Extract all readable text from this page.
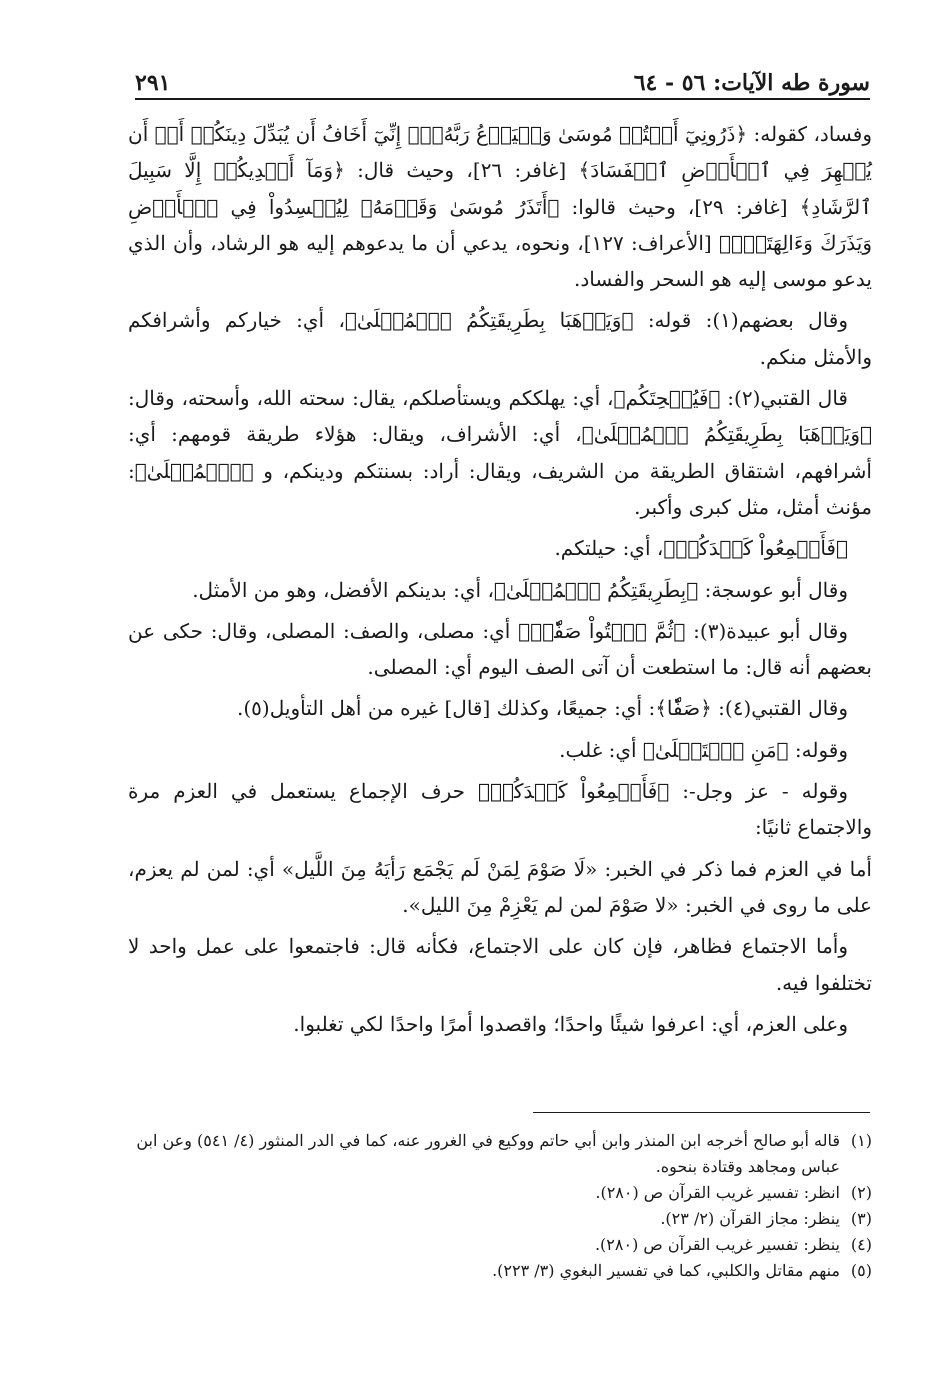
سورة طه الآيات: ٥٦ - ٦٤
٢٩١

وفساد، كقوله: ﴿ذَرُونِيٓ أَقۡتُلۡ مُوسَىٰ وَلۡيَدۡعُ رَبَّهُۥٓۖ إِنِّيٓ أَخَافُ أَن يُبَدِّلَ دِينَكُمۡ أَوۡ أَن يُظۡهِرَ فِي ٱلۡأَرۡضِ ٱلۡفَسَادَ﴾ [غافر: ٢٦]، وحيث قال: ﴿وَمَآ أَهۡدِيكُمۡ إِلَّا سَبِيلَ ٱلرَّشَادِ﴾ [غافر: ٢٩]، وحيث قالوا: ﴿أَتَذَرُ مُوسَىٰ وَقَوۡمَهُۥ لِيُفۡسِدُواْ فِي ٱلۡأَرۡضِ وَيَذَرَكَ وَءَالِهَتَكَۚ﴾ [الأعراف: ١٢٧]، ونحوه، يدعي أن ما يدعوهم إليه هو الرشاد، وأن الذي يدعو موسى إليه هو السحر والفساد.

وقال بعضهم(١): قوله: ﴿وَيَذۡهَبَا بِطَرِيقَتِكُمُ ٱلۡمُثۡلَىٰ﴾، أي: خياركم وأشرافكم والأمثل منكم.

قال القتبي(٢): ﴿فَيُسۡحِتَكُم﴾، أي: يهلككم ويستأصلكم، يقال: سحته الله، وأسحته، وقال: ﴿وَيَذۡهَبَا بِطَرِيقَتِكُمُ ٱلۡمُثۡلَىٰ﴾، أي: الأشراف، ويقال: هؤلاء طريقة قومهم: أي: أشرافهم، اشتقاق الطريقة من الشريف، ويقال: أراد: بسنتكم ودينكم، و ﴿ٱلۡمُثۡلَىٰ﴾: مؤنث أمثل، مثل كبرى وأكبر.

﴿فَأَجۡمِعُواْ كَيۡدَكُمۡ﴾، أي: حيلتكم.

وقال أبو عوسجة: ﴿بِطَرِيقَتِكُمُ ٱلۡمُثۡلَىٰ﴾، أي: بدينكم الأفضل، وهو من الأمثل.

وقال أبو عبيدة(٣): ﴿ثُمَّ ٱئۡتُواْ صَفّٗاۚ﴾ أي: مصلى، والصف: المصلى، وقال: حكى عن بعضهم أنه قال: ما استطعت أن آتى الصف اليوم أي: المصلى.

وقال القتبي(٤): ﴿صَفّٗا﴾: أي: جميعًا، وكذلك [قال] غيره من أهل التأويل(٥).

وقوله: ﴿مَنِ ٱسۡتَعۡلَىٰ﴾ أي: غلب.

وقوله - عز وجل-: ﴿فَأَجۡمِعُواْ كَيۡدَكُمۡ﴾ حرف الإجماع يستعمل في العزم مرة والاجتماع ثانيًا:

أما في العزم فما ذكر في الخبر: «لَا صَوْمَ لِمَنْ لَم يَجْمَع رَأيَهُ مِنَ اللَّيل» أي: لمن لم يعزم، على ما روى في الخبر: «لا صَوْمَ لمن لم يَعْزِمْ مِنَ الليل».

وأما الاجتماع فظاهر، فإن كان على الاجتماع، فكأنه قال: فاجتمعوا على عمل واحد لا تختلفوا فيه.

وعلى العزم، أي: اعرفوا شيئًا واحدًا؛ واقصدوا أمرًا واحدًا لكي تغلبوا.

(١)قاله أبو صالح أخرجه ابن المنذر وابن أبي حاتم ووكيع في الغرور عنه، كما في الدر المنثور (٤/ ٥٤١) وعن ابن عباس ومجاهد وقتادة بنحوه.

(٢)انظر: تفسير غريب القرآن ص (٢٨٠).

(٣)ينظر: مجاز القرآن (٢/ ٢٣).

(٤)ينظر: تفسير غريب القرآن ص (٢٨٠).

(٥)منهم مقاتل والكلبي، كما في تفسير البغوي (٣/ ٢٢٣).
